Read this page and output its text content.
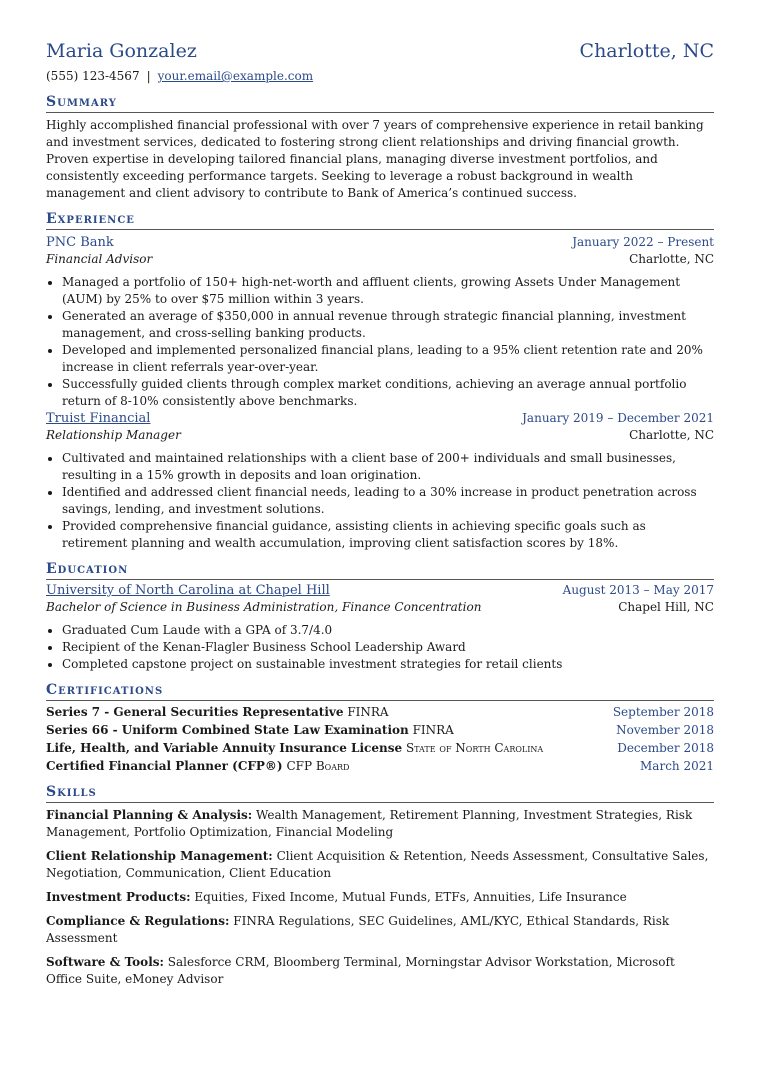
Maria Gonzalez	Charlotte, NC
(555) 123-4567 | your.email@example.com
Summary

Highly accomplished financial professional with over 7 years of comprehensive experience in retail banking and investment services, dedicated to fostering strong client relationships and driving financial growth. Proven expertise in developing tailored financial plans, managing diverse investment portfolios, and consistently exceeding performance targets. Seeking to leverage a robust background in wealth management and client advisory to contribute to Bank of America’s continued success.

Experience
PNC Bank	January 2022 – Present
Financial Advisor	Charlotte, NC
• Managed a portfolio of 150+ high-net-worth and affluent clients, growing Assets Under Management (AUM) by 25% to over $75 million within 3 years.
• Generated an average of $350,000 in annual revenue through strategic financial planning, investment management, and cross-selling banking products.
• Developed and implemented personalized financial plans, leading to a 95% client retention rate and 20% increase in client referrals year-over-year.
• Successfully guided clients through complex market conditions, achieving an average annual portfolio return of 8-10% consistently above benchmarks.
Truist Financial	January 2019 – December 2021
Relationship Manager	Charlotte, NC
• Cultivated and maintained relationships with a client base of 200+ individuals and small businesses, resulting in a 15% growth in deposits and loan origination.
• Identified and addressed client financial needs, leading to a 30% increase in product penetration across savings, lending, and investment solutions.
• Provided comprehensive financial guidance, assisting clients in achieving specific goals such as retirement planning and wealth accumulation, improving client satisfaction scores by 18%.
Education
University of North Carolina at Chapel Hill	August 2013 – May 2017
Bachelor of Science in Business Administration, Finance Concentration	Chapel Hill, NC
• Graduated Cum Laude with a GPA of 3.7/4.0
• Recipient of the Kenan-Flagler Business School Leadership Award
• Completed capstone project on sustainable investment strategies for retail clients
Certifications
Series 7 - General Securities Representative FINRA	September 2018
Series 66 - Uniform Combined State Law Examination FINRA	November 2018
Life, Health, and Variable Annuity Insurance License State of North Carolina	December 2018
Certified Financial Planner (CFP®) CFP Board	March 2021
Skills

Financial Planning & Analysis: Wealth Management, Retirement Planning, Investment Strategies, Risk Management, Portfolio Optimization, Financial Modeling

Client Relationship Management: Client Acquisition & Retention, Needs Assessment, Consultative Sales, Negotiation, Communication, Client Education

Investment Products: Equities, Fixed Income, Mutual Funds, ETFs, Annuities, Life Insurance

Compliance & Regulations: FINRA Regulations, SEC Guidelines, AML/KYC, Ethical Standards, Risk Assessment

Software & Tools: Salesforce CRM, Bloomberg Terminal, Morningstar Advisor Workstation, Microsoft Office Suite, eMoney Advisor
